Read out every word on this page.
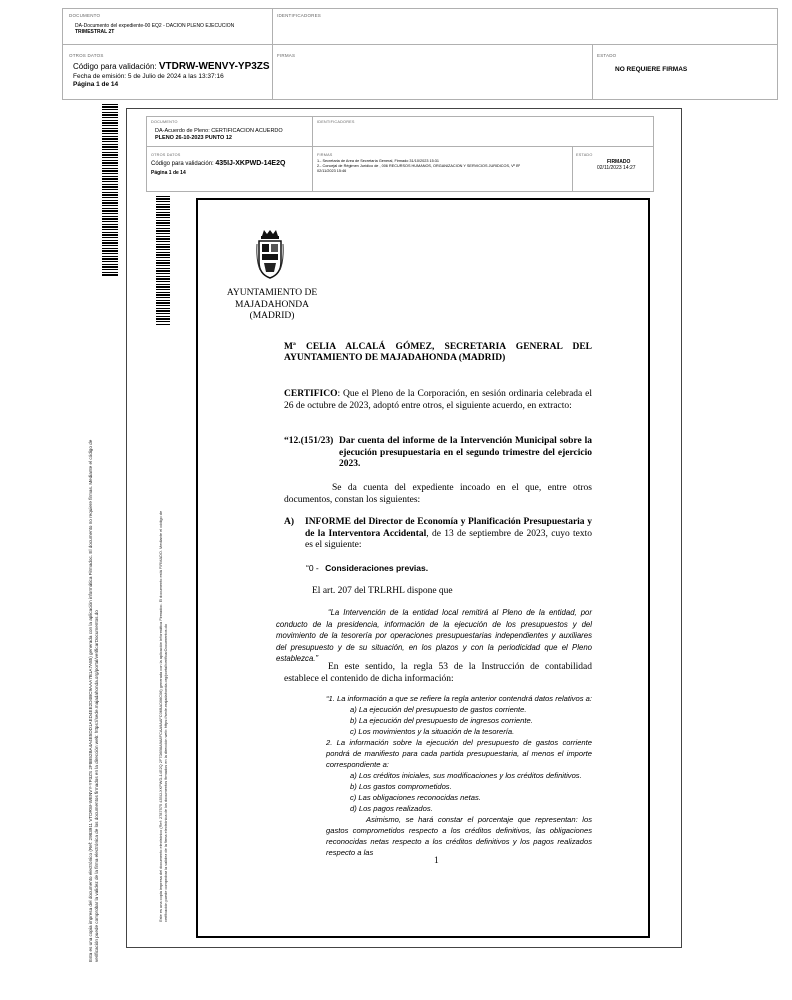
DOCUMENTO
DA-Documento del expediente-00 EQ2 - DACION PLENO EJECUCION
TRIMESTRAL 2T
IDENTIFICADORES
OTROS DATOS
Código para validación: VTDRW-WENVY-YP3ZS
Fecha de emisión: 5 de Julio de 2024 a las 13:37:16
Página 1 de 14
FIRMAS	ESTADO
NO REQUIERE FIRMAS
Esta es una copia impresa del documento electrónico (Ref: 2983911 VTDRW-WENVY-YP3ZS 2F8B52BA4A4E5DD1AED4EE2D4BC9AAA7B1A7A85) generada con la aplicación informática Firmadoc. El documento no requiere firmas. Mediante el código de verificación puede comprobar la validez de la firma electrónica de los documentos firmados en la dirección web: https://sede.majadahonda.org/portal/verificarDocumentos.do
DOCUMENTO
DA-Acuerdo de Pleno: CERTIFICACION ACUERDO
PLENO 26-10-2023 PUNTO 12
IDENTIFICADORES
OTROS DATOS
Código para validación: 435IJ-XKPWD-14E2Q
Página 1 de 14
FIRMAS
1.- Secretaria de Area de Secretaría General, Firmado 31/10/2023 15:31
2.- Concejal de Régimen Jurídico de , 006 RECURSOS HUMANOS, ORGANIZACION Y SERVICIOS JURIDICOS, Vº Bº
02/11/2023 15:46
ESTADO
FIRMADO
02/11/2023 14:27
Este es una copia impresa del documento electrónico (Ref: 2787575 435IJ-XKPWD-14E2Q 2F7D6B8A9A8FCAA9AAFC06BAD06C06) generada con la aplicación informática Firmadoc. El documento está FIRMADO. Mediante el código de verificación puede comprobar la validez de la firma electrónica de los documentos firmados en la dirección web: https://sede.majadahonda.org/portal/verificarDocumentos.do
AYUNTAMIENTO DE
MAJADAHONDA
(MADRID)
Mª CELIA ALCALÁ GÓMEZ, SECRETARIA GENERAL DEL AYUNTAMIENTO DE MAJADAHONDA (MADRID)
CERTIFICO: Que el Pleno de la Corporación, en sesión ordinaria celebrada el 26 de octubre de 2023, adoptó entre otros, el siguiente acuerdo, en extracto:
“12.(151/23) Dar cuenta del informe de la Intervención Municipal sobre la ejecución presupuestaria en el segundo trimestre del ejercicio 2023.
Se da cuenta del expediente incoado en el que, entre otros documentos, constan los siguientes:
A) INFORME del Director de Economía y Planificación Presupuestaria y de la Interventora Accidental, de 13 de septiembre de 2023, cuyo texto es el siguiente:
“0 - Consideraciones previas.
El art. 207 del TRLRHL dispone que
“La Intervención de la entidad local remitirá al Pleno de la entidad, por conducto de la presidencia, información de la ejecución de los presupuestos y del movimiento de la tesorería por operaciones presupuestarias independientes y auxiliares del presupuesto y de su situación, en los plazos y con la periodicidad que el Pleno establezca.”
En este sentido, la regla 53 de la Instrucción de contabilidad establece el contenido de dicha información:
“1. La información a que se refiere la regla anterior contendrá datos relativos a:
a) La ejecución del presupuesto de gastos corriente.
b) La ejecución del presupuesto de ingresos corriente.
c) Los movimientos y la situación de la tesorería.
2. La información sobre la ejecución del presupuesto de gastos corriente pondrá de manifiesto para cada partida presupuestaria, al menos el importe correspondiente a:
a) Los créditos iniciales, sus modificaciones y los créditos definitivos.
b) Los gastos comprometidos.
c) Las obligaciones reconocidas netas.
d) Los pagos realizados.
Asimismo, se hará constar el porcentaje que representan: los gastos comprometidos respecto a los créditos definitivos, las obligaciones reconocidas netas respecto a los créditos definitivos y los pagos realizados respecto a las
1
